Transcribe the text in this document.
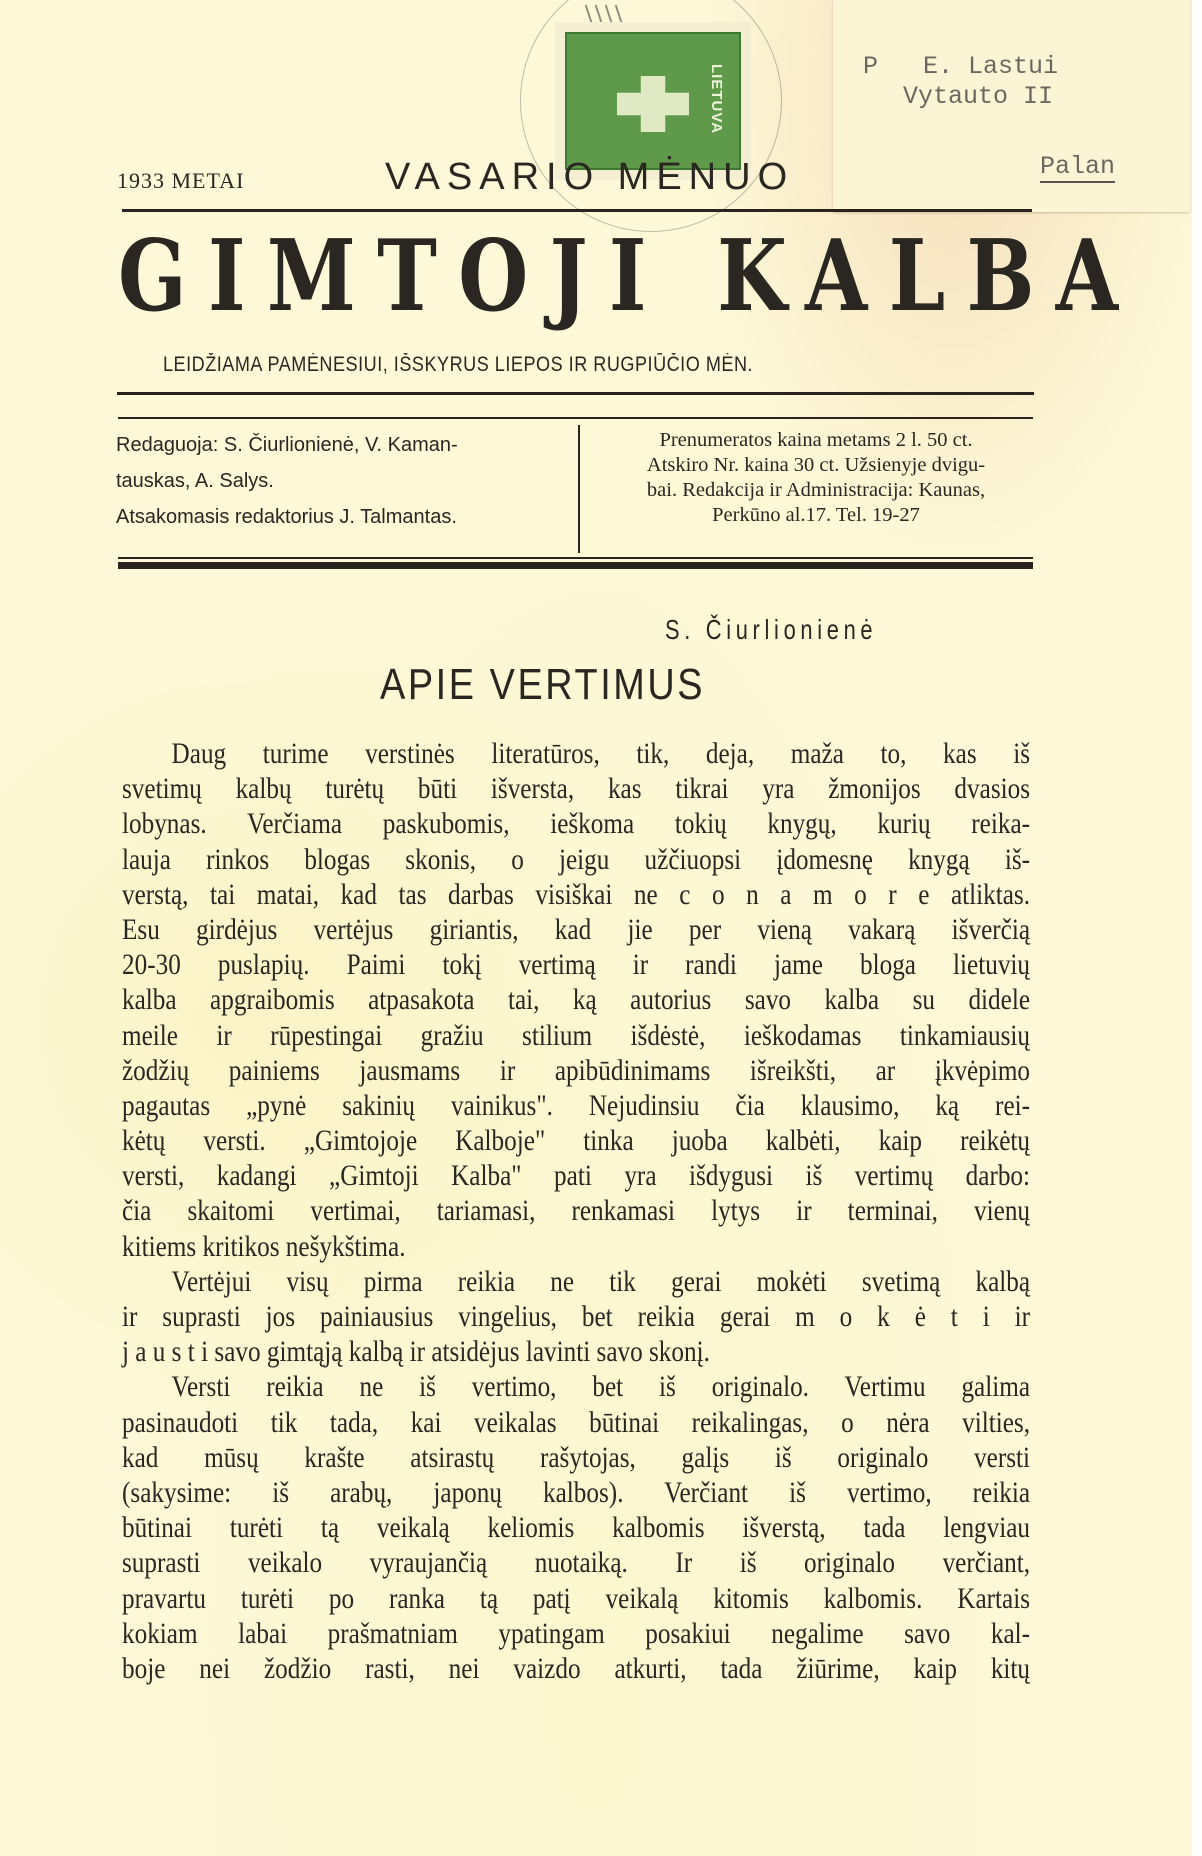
LIETUVA	P   E. Lastui
Vytauto II
Palan
1933 METAI	VASARIO MĖNUO
GIMTOJI KALBA
LEIDŽIAMA PAMĖNESIUI, IŠSKYRUS LIEPOS IR RUGPIŪČIO MĖN.

Redaguoja: S. Čiurlionienė, V. Kaman-

tauskas, A. Salys.

Atsakomasis redaktorius J. Talmantas.

Prenumeratos kaina metams 2 l. 50 ct.

Atskiro Nr. kaina 30 ct. Užsienyje dvigu-

bai. Redakcija ir Administracija: Kaunas,

Perkūno al.17. Tel. 19-27

S. Čiurlionienė
APIE VERTIMUS
Daug turime verstinės literatūros, tik, deja, maža to, kas iš
svetimų kalbų turėtų būti išversta, kas tikrai yra žmonijos dvasios
lobynas. Verčiama paskubomis, ieškoma tokių knygų, kurių reika-
lauja rinkos blogas skonis, o jeigu užčiuopsi įdomesnę knygą iš-
verstą, tai matai, kad tas darbas visiškai ne c o n a m o r e atliktas.
Esu girdėjus vertėjus giriantis, kad jie per vieną vakarą išverčią
20-30 puslapių. Paimi tokį vertimą ir randi jame bloga lietuvių
kalba apgraibomis atpasakota tai, ką autorius savo kalba su didele
meile ir rūpestingai gražiu stilium išdėstė, ieškodamas tinkamiausių
žodžių painiems jausmams ir apibūdinimams išreikšti, ar įkvėpimo
pagautas „pynė sakinių vainikus". Nejudinsiu čia klausimo, ką rei-
kėtų versti. „Gimtojoje Kalboje" tinka juoba kalbėti, kaip reikėtų
versti, kadangi „Gimtoji Kalba" pati yra išdygusi iš vertimų darbo:
čia skaitomi vertimai, tariamasi, renkamasi lytys ir terminai, vienų
kitiems kritikos nešykštima.
Vertėjui visų pirma reikia ne tik gerai mokėti svetimą kalbą
ir suprasti jos painiausius vingelius, bet reikia gerai m o k ė t i ir
j a u s t i savo gimtąją kalbą ir atsidėjus lavinti savo skonį.
Versti reikia ne iš vertimo, bet iš originalo. Vertimu galima
pasinaudoti tik tada, kai veikalas būtinai reikalingas, o nėra vilties,
kad mūsų krašte atsirastų rašytojas, galįs iš originalo versti
(sakysime: iš arabų, japonų kalbos). Verčiant iš vertimo, reikia
būtinai turėti tą veikalą keliomis kalbomis išverstą, tada lengviau
suprasti veikalo vyraujančią nuotaiką. Ir iš originalo verčiant,
pravartu turėti po ranka tą patį veikalą kitomis kalbomis. Kartais
kokiam labai prašmatniam ypatingam posakiui negalime savo kal-
boje nei žodžio rasti, nei vaizdo atkurti, tada žiūrime, kaip kitų
